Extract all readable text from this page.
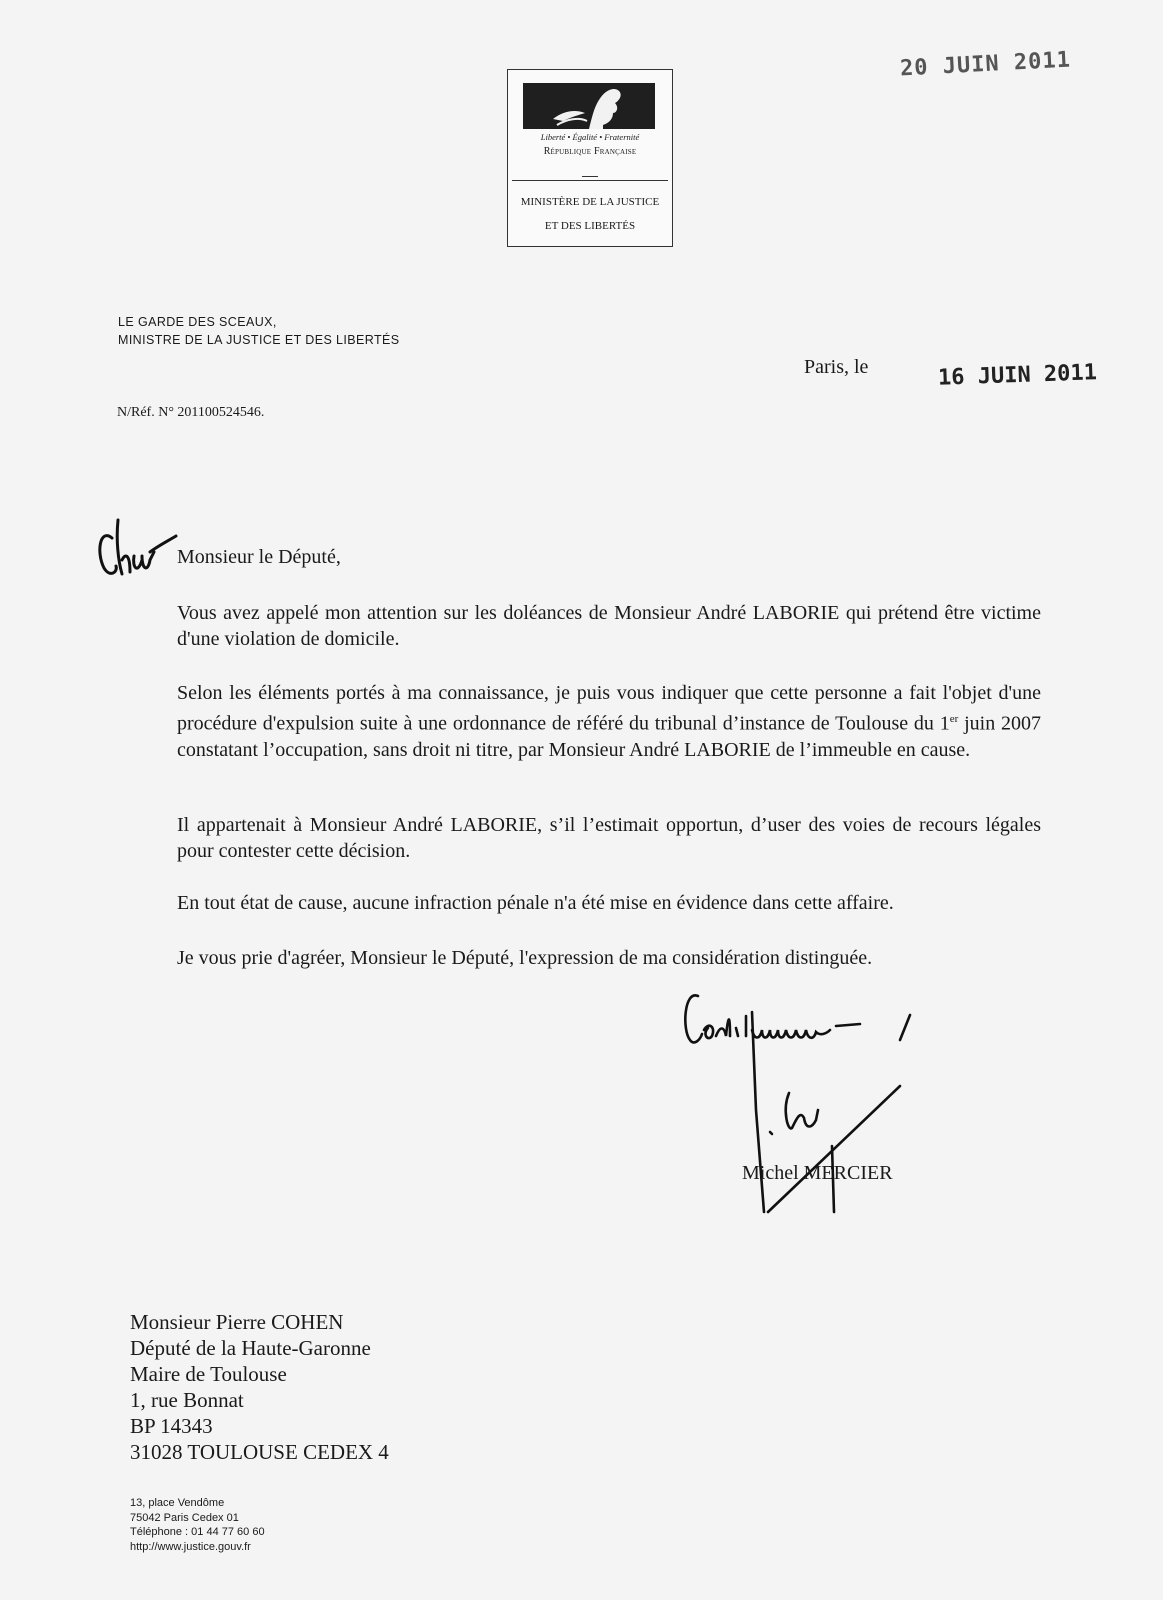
Liberté • Égalité • Fraternité
République Française
MINISTÈRE DE LA JUSTICE
ET DES LIBERTÉS
20 JUIN 2011
LE GARDE DES SCEAUX,
MINISTRE DE LA JUSTICE ET DES LIBERTÉS
Paris, le	16 JUIN 2011
N/Réf. N° 201100524546.
Monsieur le Député,
Vous avez appelé mon attention sur les doléances de Monsieur André LABORIE qui prétend être victime d'une violation de domicile.
Selon les éléments portés à ma connaissance, je puis vous indiquer que cette personne a fait l'objet d'une procédure d'expulsion suite à une ordonnance de référé du tribunal d’instance de Toulouse du 1er juin 2007 constatant l’occupation, sans droit ni titre, par Monsieur André LABORIE de l’immeuble en cause.
Il appartenait à Monsieur André LABORIE, s’il l’estimait opportun, d’user des voies de recours légales pour contester cette décision.
En tout état de cause, aucune infraction pénale n'a été mise en évidence dans cette affaire.
Je vous prie d'agréer, Monsieur le Député, l'expression de ma considération distinguée.
Michel MERCIER
Monsieur Pierre COHEN
Député de la Haute-Garonne
Maire de Toulouse
1, rue Bonnat
BP 14343
31028 TOULOUSE CEDEX 4
13, place Vendôme
75042 Paris Cedex 01
Téléphone : 01 44 77 60 60
http://www.justice.gouv.fr
